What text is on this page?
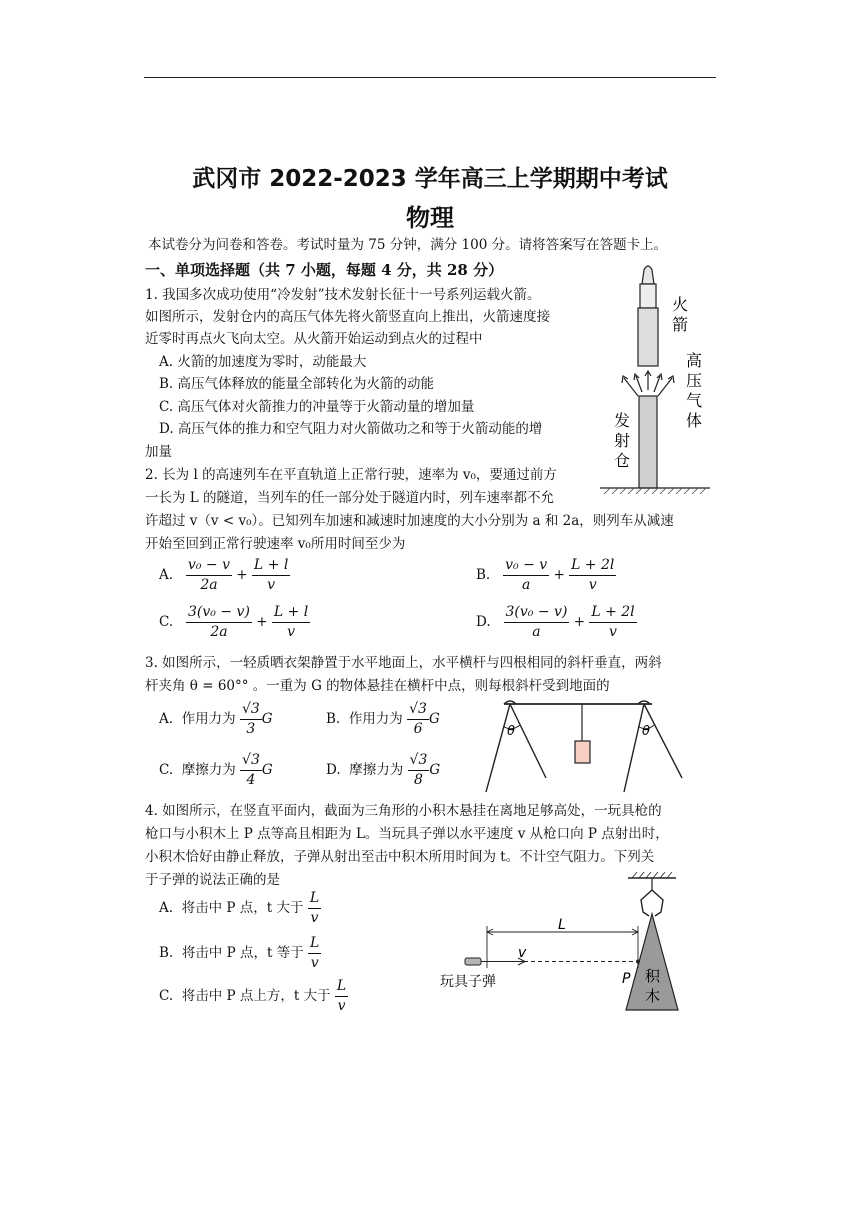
武冈市 2022-2023 学年高三上学期期中考试
物理
本试卷分为问卷和答卷。考试时量为 75 分钟，满分 100 分。请将答案写在答题卡上。
一、单项选择题（共 7 小题，每题 4 分，共 28 分）
1. 我国多次成功使用“冷发射”技术发射长征十一号系列运载火箭。
如图所示，发射仓内的高压气体先将火箭竖直向上推出，火箭速度接
近零时再点火飞向太空。从火箭开始运动到点火的过程中
A. 火箭的加速度为零时，动能最大
B. 高压气体释放的能量全部转化为火箭的动能
C. 高压气体对火箭推力的冲量等于火箭动量的增加量
D. 高压气体的推力和空气阻力对火箭做功之和等于火箭动能的增
加量
火箭
高压气体
发射仓
2. 长为 l 的高速列车在平直轨道上正常行驶，速率为 v₀，要通过前方
一长为 L 的隧道，当列车的任一部分处于隧道内时，列车速率都不允
许超过 v（v < v₀）。已知列车加速和减速时加速度的大小分别为 a 和 2a，则列车从减速
开始至回到正常行驶速率 v₀所用时间至少为
A. $\frac{\text{v₀ − v}}{2a} + \frac{L + l}{v}$	B. $\frac{\text{v₀ − v}}{a} + \frac{L + 2l}{v}$
C. $\frac{\text{3(v₀ − v)}}{2a} + \frac{L + l}{v}$	D. $\frac{\text{3(v₀ − v)}}{a} + \frac{L + 2l}{v}$
3. 如图所示，一轻质晒衣架静置于水平地面上，水平横杆与四根相同的斜杆垂直，两斜
杆夹角 θ = 60°° 。一重为 G 的物体悬挂在横杆中点，则每根斜杆受到地面的
A. 作用力为 $\frac{√3}{3}$ G	B. 作用力为 $\frac{√3}{6}$ G
C. 摩擦力为 $\frac{√3}{4}$ G	D. 摩擦力为 $\frac{√3}{8}$ G
θ	θ
4. 如图所示，在竖直平面内，截面为三角形的小积木悬挂在离地足够高处，一玩具枪的
枪口与小积木上 P 点等高且相距为 L。当玩具子弹以水平速度 v 从枪口向 P 点射出时，
小积木恰好由静止释放，子弹从射出至击中积木所用时间为 t。不计空气阻力。下列关
于子弹的说法正确的是
A. 将击中 P 点，t 大于 $\frac{L}{v}$
B. 将击中 P 点，t 等于 $\frac{L}{v}$
C. 将击中 P 点上方，t 大于 $\frac{L}{v}$
L
v
P
玩具子弹	积
木
